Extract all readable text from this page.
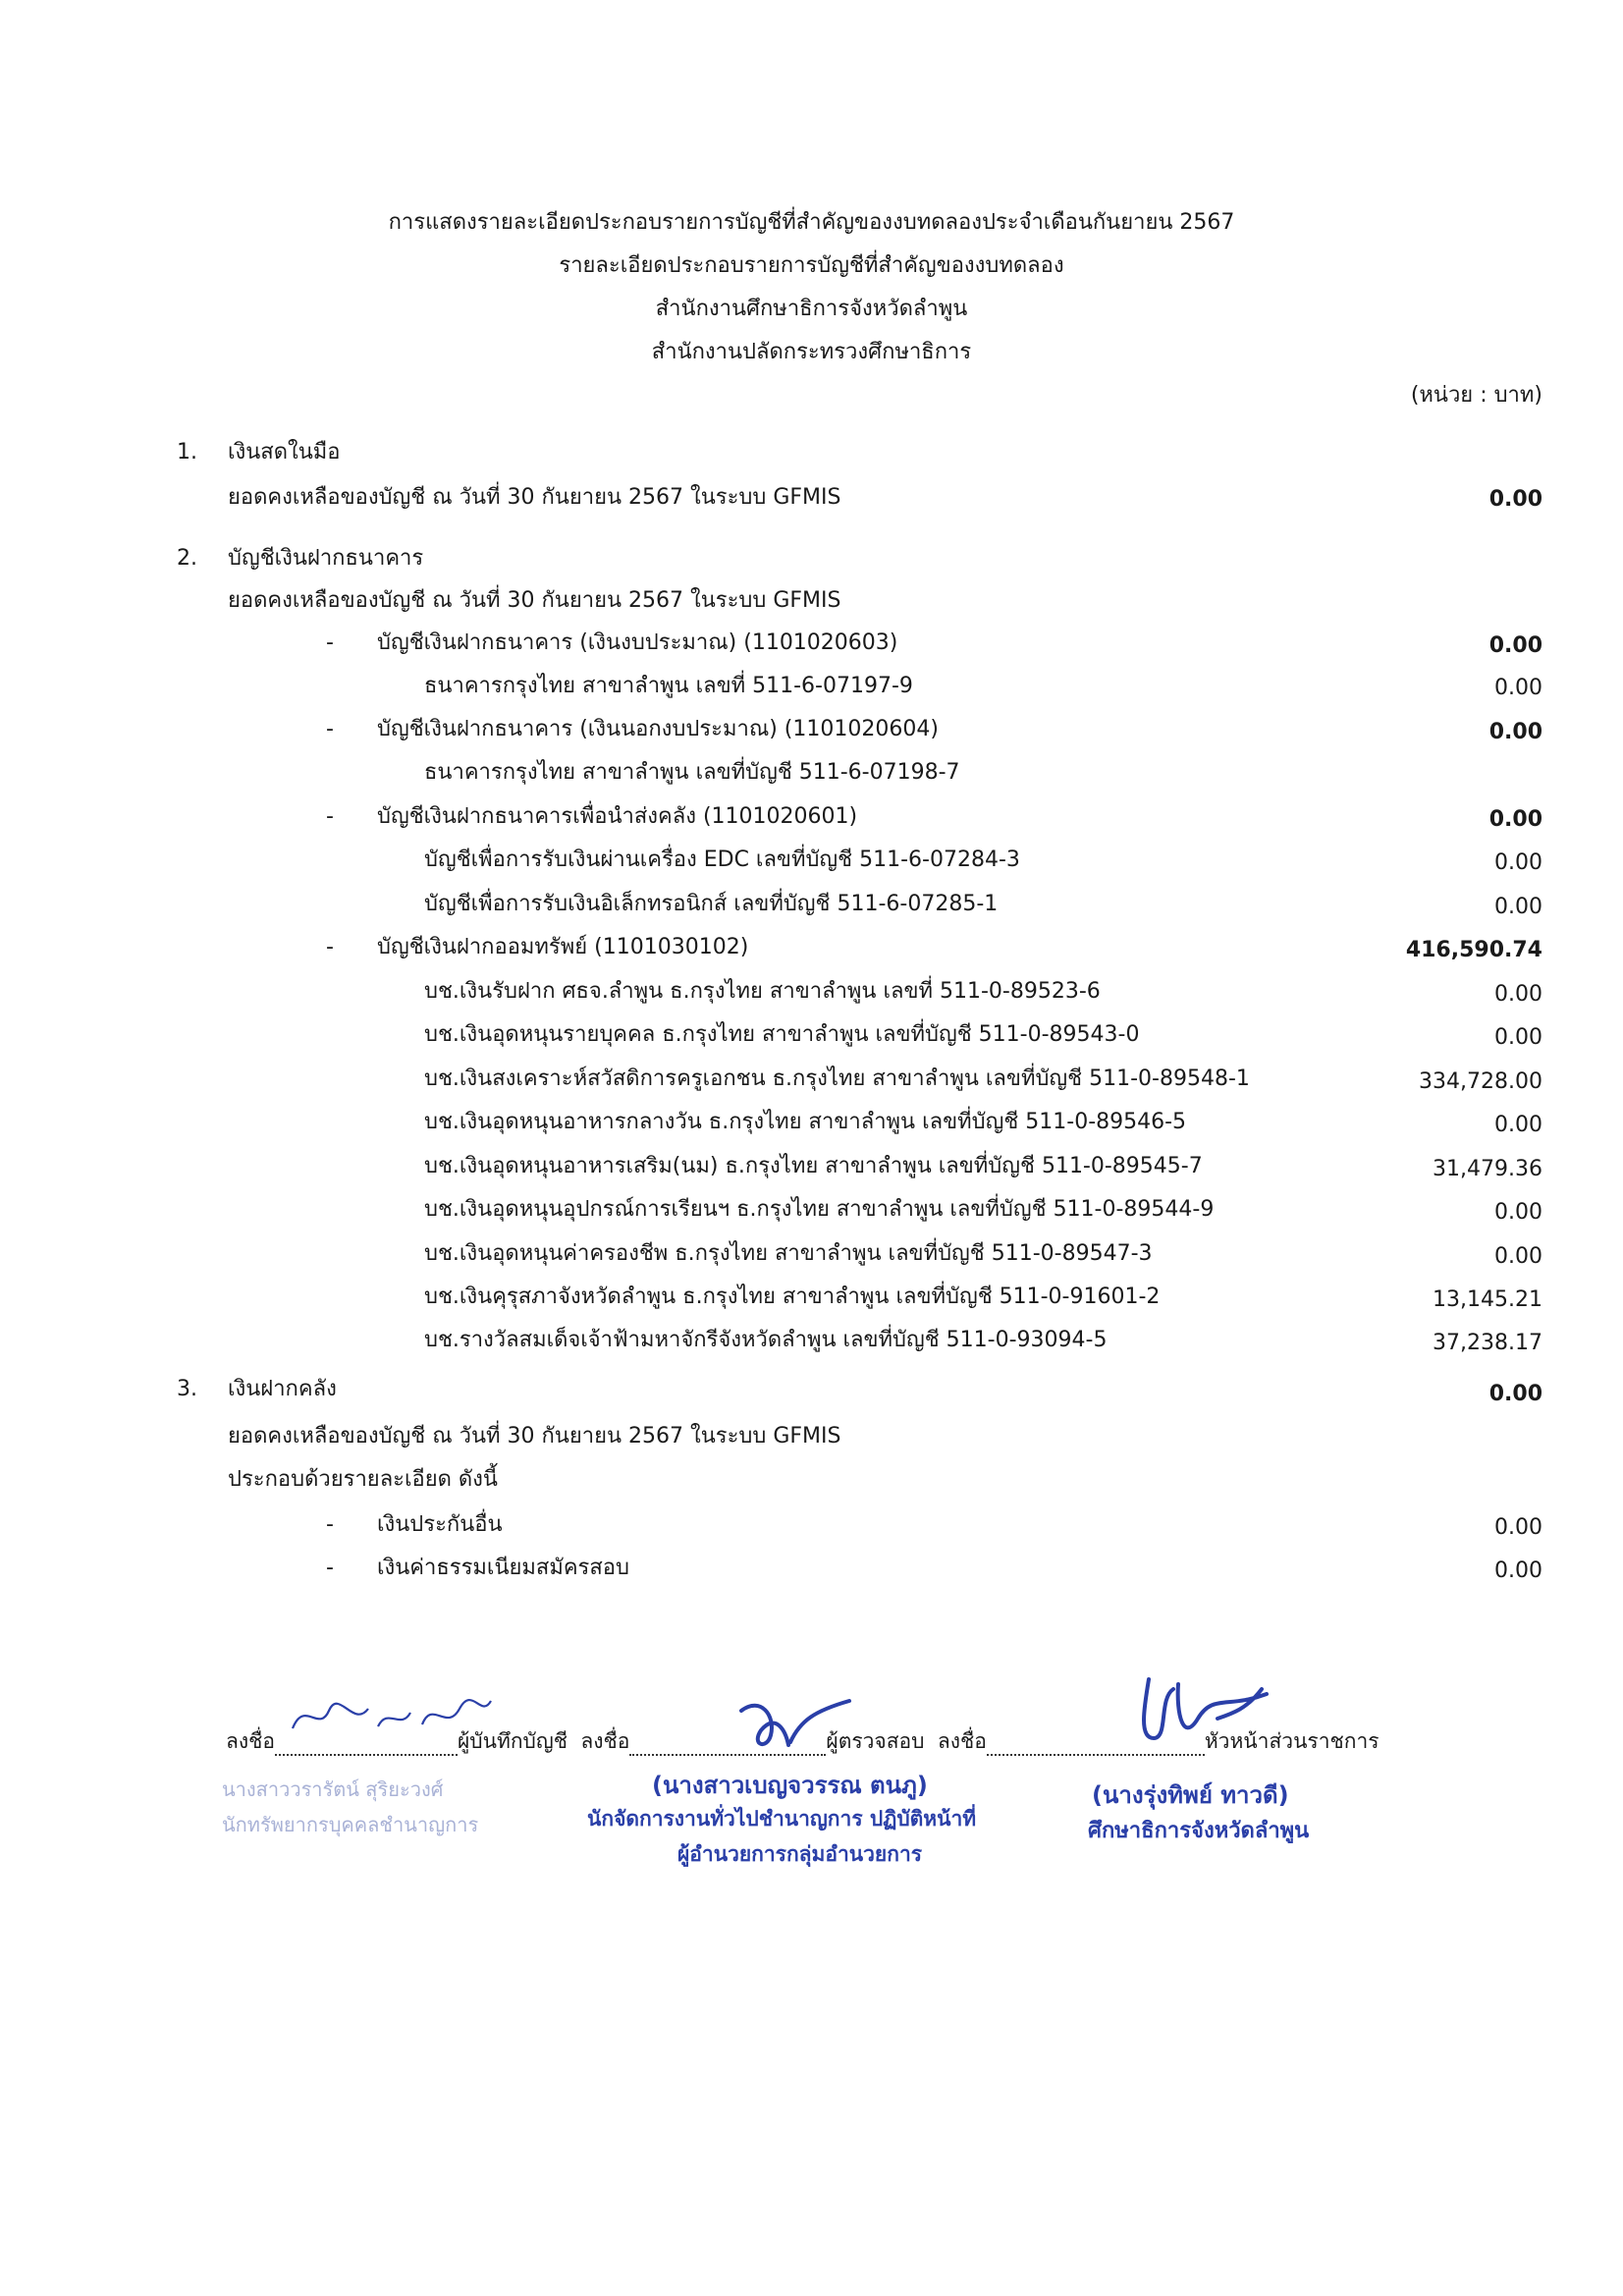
การแสดงรายละเอียดประกอบรายการบัญชีที่สำคัญของงบทดลองประจำเดือนกันยายน 2567
รายละเอียดประกอบรายการบัญชีที่สำคัญของงบทดลอง
สำนักงานศึกษาธิการจังหวัดลำพูน
สำนักงานปลัดกระทรวงศึกษาธิการ
(หน่วย : บาท)
1. เงินสดในมือ
ยอดคงเหลือของบัญชี ณ วันที่ 30 กันยายน 2567 ในระบบ GFMIS	0.00
2. บัญชีเงินฝากธนาคาร
ยอดคงเหลือของบัญชี ณ วันที่ 30 กันยายน 2567 ในระบบ GFMIS
- บัญชีเงินฝากธนาคาร (เงินงบประมาณ) (1101020603)	0.00
ธนาคารกรุงไทย สาขาลำพูน เลขที่ 511-6-07197-9	0.00
- บัญชีเงินฝากธนาคาร (เงินนอกงบประมาณ) (1101020604)	0.00
ธนาคารกรุงไทย สาขาลำพูน เลขที่บัญชี 511-6-07198-7
- บัญชีเงินฝากธนาคารเพื่อนำส่งคลัง (1101020601)	0.00
บัญชีเพื่อการรับเงินผ่านเครื่อง EDC เลขที่บัญชี 511-6-07284-3	0.00
บัญชีเพื่อการรับเงินอิเล็กทรอนิกส์ เลขที่บัญชี 511-6-07285-1	0.00
- บัญชีเงินฝากออมทรัพย์ (1101030102)	416,590.74
บช.เงินรับฝาก ศธจ.ลำพูน ธ.กรุงไทย สาขาลำพูน เลขที่ 511-0-89523-6	0.00
บช.เงินอุดหนุนรายบุคคล ธ.กรุงไทย สาขาลำพูน เลขที่บัญชี 511-0-89543-0	0.00
บช.เงินสงเคราะห์สวัสดิการครูเอกชน ธ.กรุงไทย สาขาลำพูน เลขที่บัญชี 511-0-89548-1	334,728.00
บช.เงินอุดหนุนอาหารกลางวัน ธ.กรุงไทย สาขาลำพูน เลขที่บัญชี 511-0-89546-5	0.00
บช.เงินอุดหนุนอาหารเสริม(นม) ธ.กรุงไทย สาขาลำพูน เลขที่บัญชี 511-0-89545-7	31,479.36
บช.เงินอุดหนุนอุปกรณ์การเรียนฯ ธ.กรุงไทย สาขาลำพูน เลขที่บัญชี 511-0-89544-9	0.00
บช.เงินอุดหนุนค่าครองชีพ ธ.กรุงไทย สาขาลำพูน เลขที่บัญชี 511-0-89547-3	0.00
บช.เงินคุรุสภาจังหวัดลำพูน ธ.กรุงไทย สาขาลำพูน เลขที่บัญชี 511-0-91601-2	13,145.21
บช.รางวัลสมเด็จเจ้าฟ้ามหาจักรีจังหวัดลำพูน เลขที่บัญชี 511-0-93094-5	37,238.17
3. เงินฝากคลัง	0.00
ยอดคงเหลือของบัญชี ณ วันที่ 30 กันยายน 2567 ในระบบ GFMIS
ประกอบด้วยรายละเอียด ดังนี้
- เงินประกันอื่น	0.00
- เงินค่าธรรมเนียมสมัครสอบ	0.00
ลงชื่อ	ผู้บันทึกบัญชี ลงชื่อ	ผู้ตรวจสอบ ลงชื่อ	หัวหน้าส่วนราชการ
นางสาววรารัตน์ สุริยะวงศ์
นักทรัพยากรบุคคลชำนาญการ
(นางสาวเบญจวรรณ ตนภู)
นักจัดการงานทั่วไปชำนาญการ ปฏิบัติหน้าที่
ผู้อำนวยการกลุ่มอำนวยการ
(นางรุ่งทิพย์ ทาวดี)
ศึกษาธิการจังหวัดลำพูน
